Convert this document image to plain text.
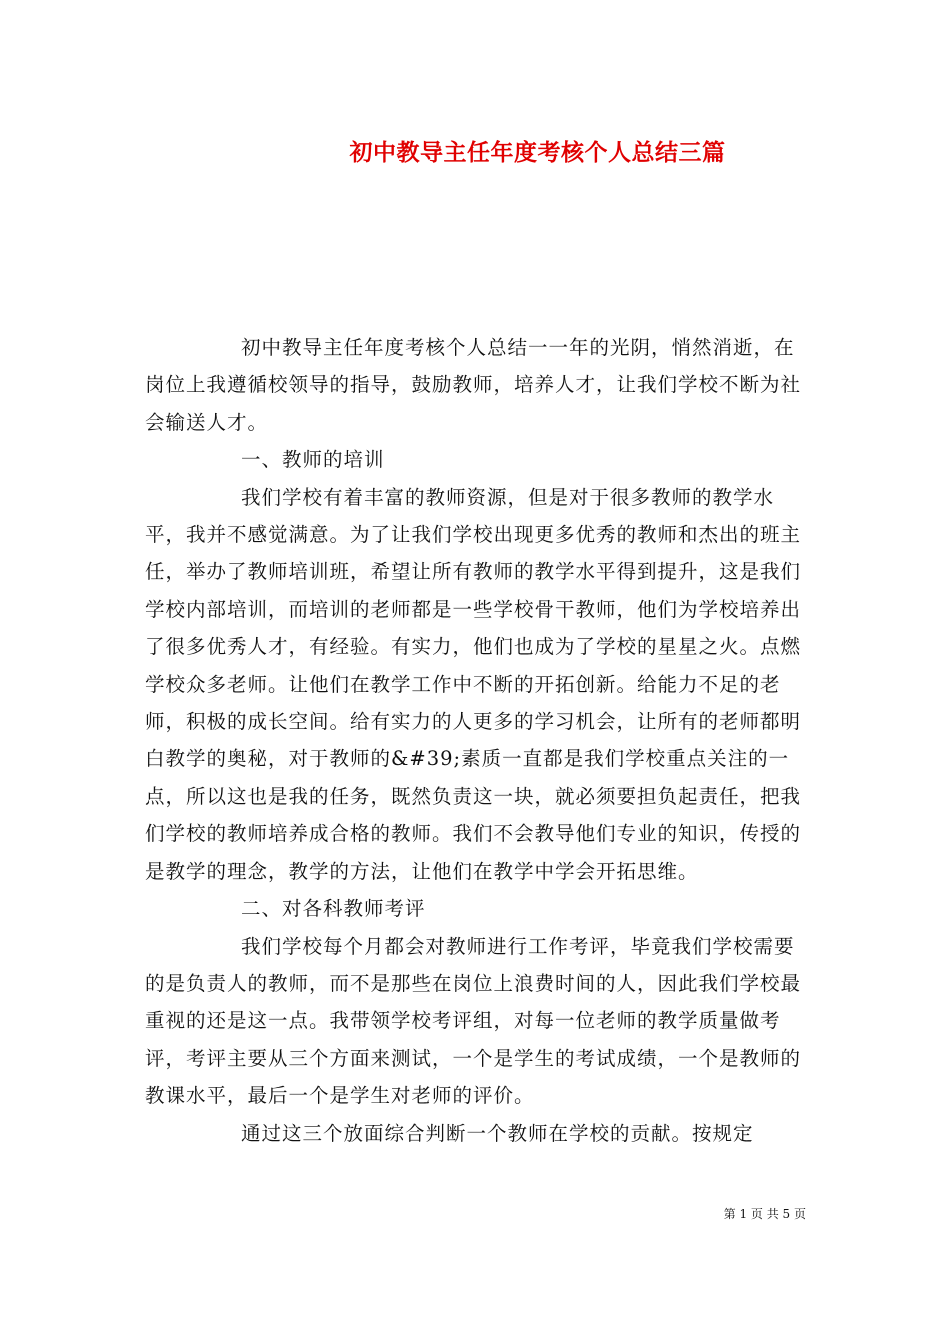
初中教导主任年度考核个人总结三篇

初中教导主任年度考核个人总结一一年的光阴，悄然消逝，在岗位上我遵循校领导的指导，鼓励教师，培养人才，让我们学校不断为社会输送人才。

一、教师的培训

我们学校有着丰富的教师资源，但是对于很多教师的教学水平，我并不感觉满意。为了让我们学校出现更多优秀的教师和杰出的班主任，举办了教师培训班，希望让所有教师的教学水平得到提升，这是我们学校内部培训，而培训的老师都是一些学校骨干教师，他们为学校培养出了很多优秀人才，有经验。有实力，他们也成为了学校的星星之火。点燃学校众多老师。让他们在教学工作中不断的开拓创新。给能力不足的老师，积极的成长空间。给有实力的人更多的学习机会，让所有的老师都明白教学的奥秘，对于教师的&#39;素质一直都是我们学校重点关注的一点，所以这也是我的任务，既然负责这一块，就必须要担负起责任，把我们学校的教师培养成合格的教师。我们不会教导他们专业的知识，传授的是教学的理念，教学的方法，让他们在教学中学会开拓思维。

二、对各科教师考评

我们学校每个月都会对教师进行工作考评，毕竟我们学校需要的是负责人的教师，而不是那些在岗位上浪费时间的人，因此我们学校最重视的还是这一点。我带领学校考评组，对每一位老师的教学质量做考评，考评主要从三个方面来测试，一个是学生的考试成绩，一个是教师的教课水平，最后一个是学生对老师的评价。

通过这三个放面综合判断一个教师在学校的贡献。按规定

第 1 页 共 5 页
